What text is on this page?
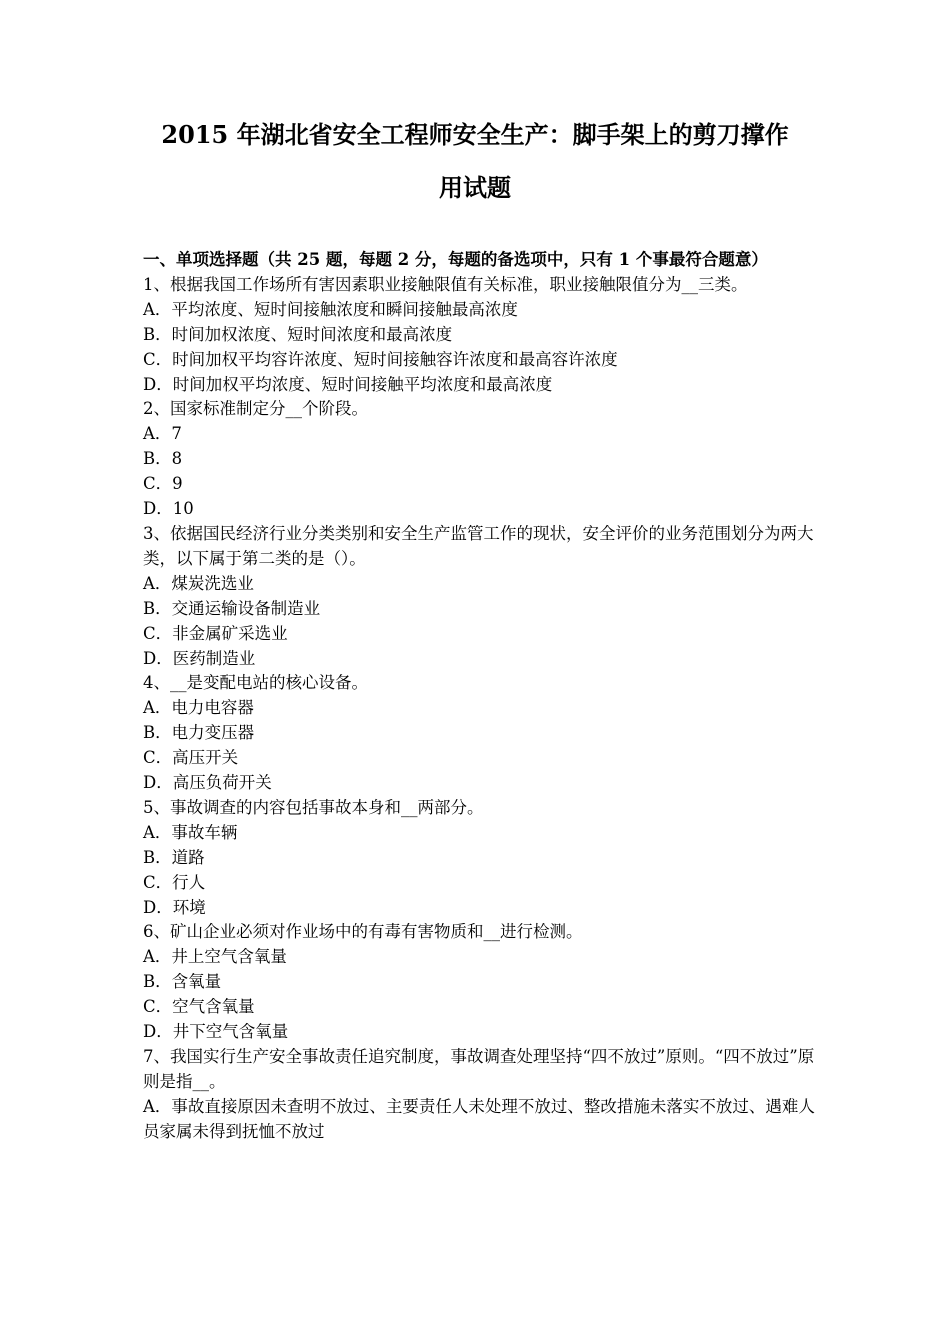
2015 年湖北省安全工程师安全生产：脚手架上的剪刀撑作
用试题
一、单项选择题（共 25 题，每题 2 分，每题的备选项中，只有 1 个事最符合题意）
1、根据我国工作场所有害因素职业接触限值有关标准，职业接触限值分为__三类。
A．平均浓度、短时间接触浓度和瞬间接触最高浓度
B．时间加权浓度、短时间浓度和最高浓度
C．时间加权平均容许浓度、短时间接触容许浓度和最高容许浓度
D．时间加权平均浓度、短时间接触平均浓度和最高浓度
2、国家标准制定分__个阶段。
A．7
B．8
C．9
D．10
3、依据国民经济行业分类类别和安全生产监管工作的现状，安全评价的业务范围划分为两大类，以下属于第二类的是（）。
A．煤炭洗选业
B．交通运输设备制造业
C．非金属矿采选业
D．医药制造业
4、__是变配电站的核心设备。
A．电力电容器
B．电力变压器
C．高压开关
D．高压负荷开关
5、事故调查的内容包括事故本身和__两部分。
A．事故车辆
B．道路
C．行人
D．环境
6、矿山企业必须对作业场中的有毒有害物质和__进行检测。
A．井上空气含氧量
B．含氧量
C．空气含氧量
D．井下空气含氧量
7、我国实行生产安全事故责任追究制度，事故调查处理坚持“四不放过”原则。“四不放过”原则是指__。
A．事故直接原因未查明不放过、主要责任人未处理不放过、整改措施未落实不放过、遇难人员家属未得到抚恤不放过
